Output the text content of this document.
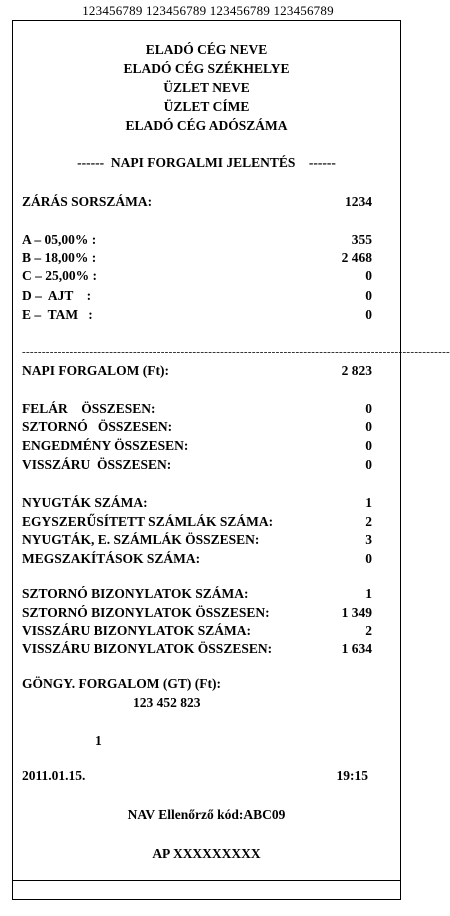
123456789 123456789 123456789 123456789
ELADÓ CÉG NEVE
ELADÓ CÉG SZÉKHELYE
ÜZLET NEVE
ÜZLET CÍME
ELADÓ CÉG ADÓSZÁMA
------  NAPI FORGALMI JELENTÉS    ------
ZÁRÁS SORSZÁMA:	1234
A – 05,00% :	355
B – 18,00% :	2 468
C – 25,00% :	0
D –  AJT    :	0
E –  TAM   :	0
------------------------------------------------------------------------------------------------------------
NAPI FORGALOM (Ft):	2 823
FELÁR    ÖSSZESEN:	0
SZTORNÓ   ÖSSZESEN:	0
ENGEDMÉNY ÖSSZESEN:	0
VISSZÁRU  ÖSSZESEN:	0
NYUGTÁK SZÁMA:	1
EGYSZERŰSÍTETT SZÁMLÁK SZÁMA:	2
NYUGTÁK, E. SZÁMLÁK ÖSSZESEN:	3
MEGSZAKÍTÁSOK SZÁMA:	0
SZTORNÓ BIZONYLATOK SZÁMA:	1
SZTORNÓ BIZONYLATOK ÖSSZESEN:	1 349
VISSZÁRU BIZONYLATOK SZÁMA:	2
VISSZÁRU BIZONYLATOK ÖSSZESEN:	1 634
GÖNGY. FORGALOM (GT) (Ft):
123 452 823
1
2011.01.15.	19:15
NAV Ellenőrző kód:ABC09
AP XXXXXXXXX
